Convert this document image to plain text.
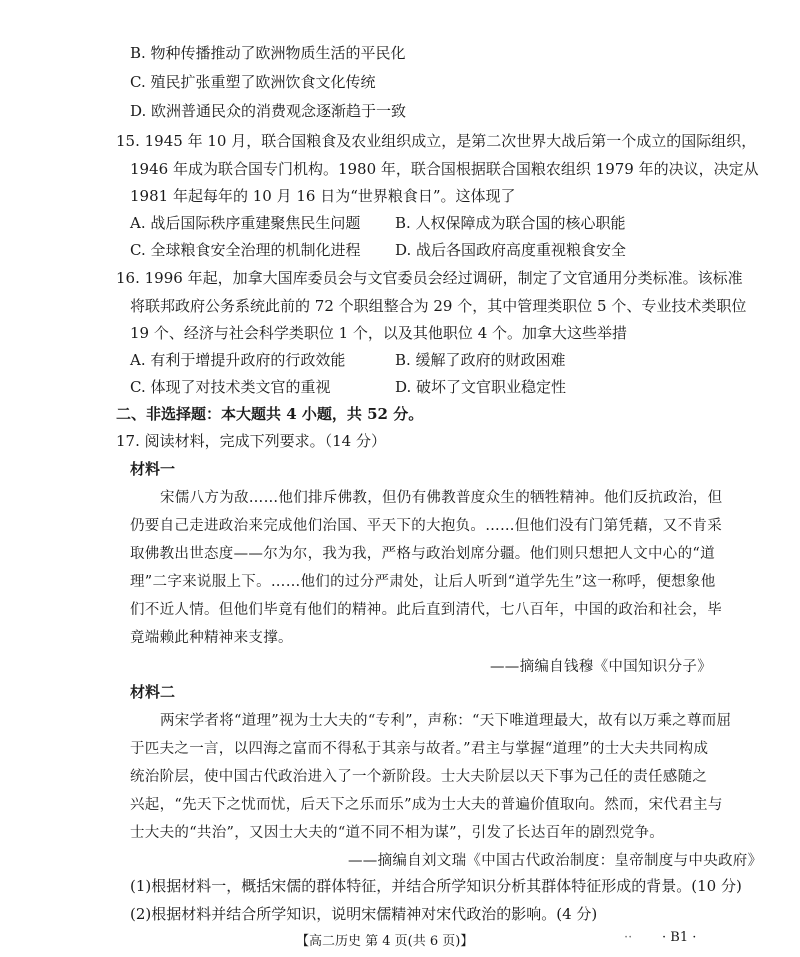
B. 物种传播推动了欧洲物质生活的平民化
C. 殖民扩张重塑了欧洲饮食文化传统
D. 欧洲普通民众的消费观念逐渐趋于一致
15. 1945 年 10 月，联合国粮食及农业组织成立，是第二次世界大战后第一个成立的国际组织，
1946 年成为联合国专门机构。1980 年，联合国根据联合国粮农组织 1979 年的决议，决定从
1981 年起每年的 10 月 16 日为“世界粮食日”。这体现了
A. 战后国际秩序重建聚焦民生问题 B. 人权保障成为联合国的核心职能
C. 全球粮食安全治理的机制化进程 D. 战后各国政府高度重视粮食安全
16. 1996 年起，加拿大国库委员会与文官委员会经过调研，制定了文官通用分类标准。该标准
将联邦政府公务系统此前的 72 个职组整合为 29 个，其中管理类职位 5 个、专业技术类职位
19 个、经济与社会科学类职位 1 个，以及其他职位 4 个。加拿大这些举措
A. 有利于增提升政府的行政效能	B. 缓解了政府的财政困难
C. 体现了对技术类文官的重视	D. 破坏了文官职业稳定性
二、非选择题：本大题共 4 小题，共 52 分。
17. 阅读材料，完成下列要求。（14 分）
材料一
宋儒八方为敌……他们排斥佛教，但仍有佛教普度众生的牺牲精神。他们反抗政治，但
仍要自己走进政治来完成他们治国、平天下的大抱负。……但他们没有门第凭藉，又不肯采
取佛教出世态度——尔为尔，我为我，严格与政治划席分疆。他们则只想把人文中心的“道
理”二字来说服上下。……他们的过分严肃处，让后人听到“道学先生”这一称呼，便想象他
们不近人情。但他们毕竟有他们的精神。此后直到清代，七八百年，中国的政治和社会，毕
竟端赖此种精神来支撑。
——摘编自钱穆《中国知识分子》
材料二
两宋学者将“道理”视为士大夫的“专利”，声称：“天下唯道理最大，故有以万乘之尊而屈
于匹夫之一言，以四海之富而不得私于其亲与故者。”君主与掌握“道理”的士大夫共同构成
统治阶层，使中国古代政治进入了一个新阶段。士大夫阶层以天下事为己任的责任感随之
兴起，“先天下之忧而忧，后天下之乐而乐”成为士大夫的普遍价值取向。然而，宋代君主与
士大夫的“共治”，又因士大夫的“道不同不相为谋”，引发了长达百年的剧烈党争。
——摘编自刘文瑞《中国古代政治制度：皇帝制度与中央政府》
(1)根据材料一，概括宋儒的群体特征，并结合所学知识分析其群体特征形成的背景。(10 分)
(2)根据材料并结合所学知识，说明宋儒精神对宋代政治的影响。(4 分)
【高二历史 第 4 页(共 6 页)】	·· · B1 ·
